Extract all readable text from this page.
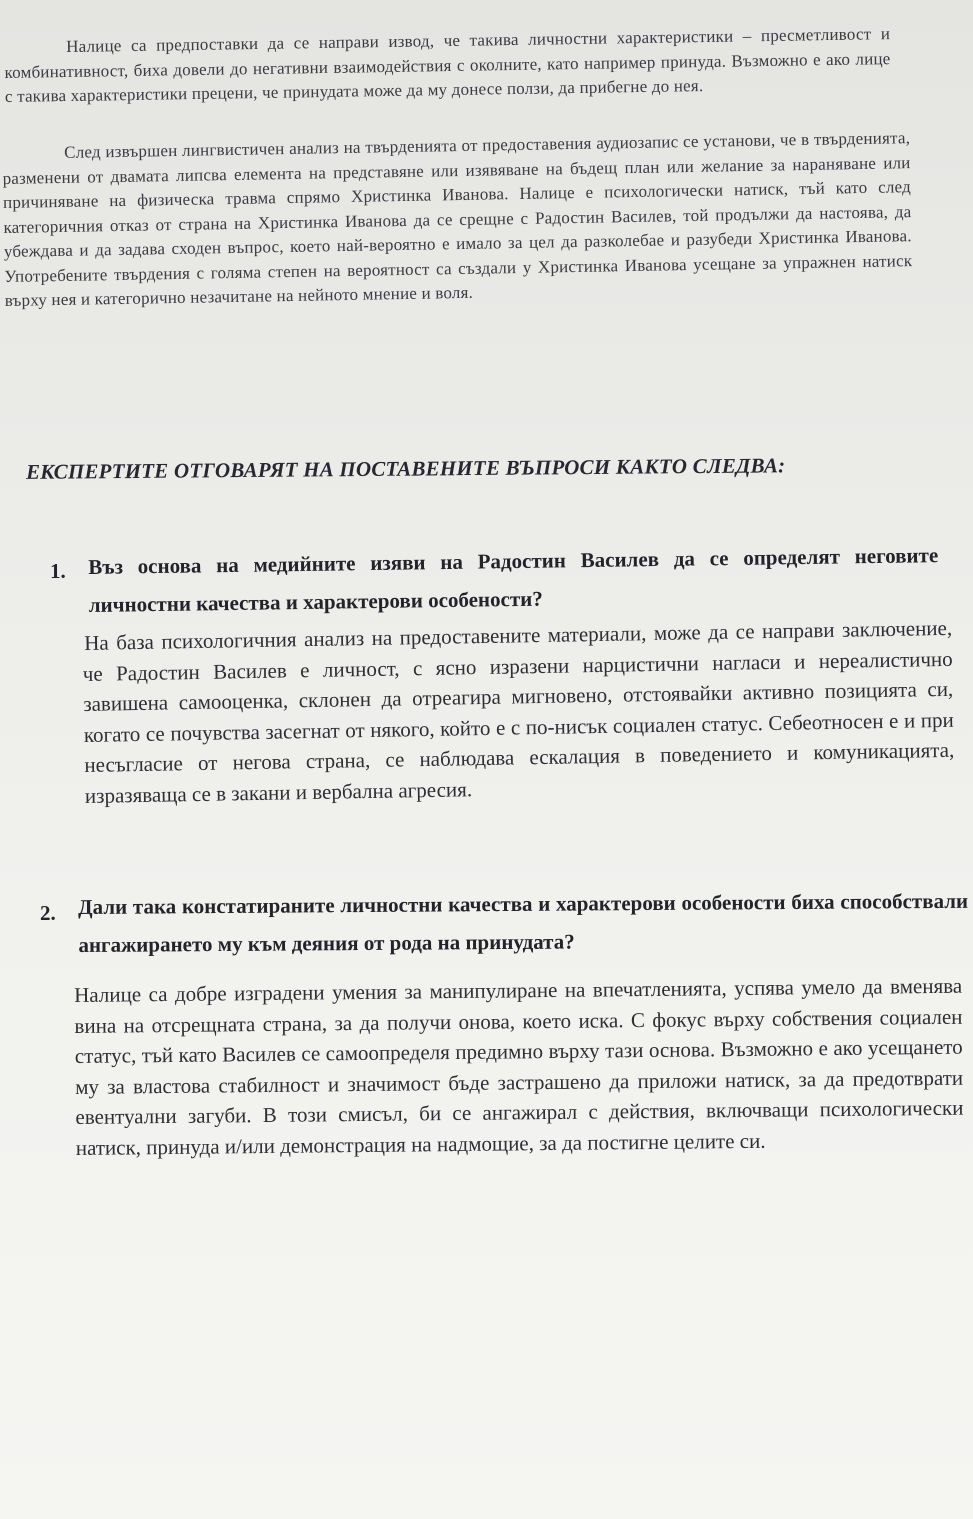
Налице са предпоставки да се направи извод, че такива личностни характеристики – пресметливост и комбинативност, биха довели до негативни взаимодействия с околните, като например принуда. Възможно е ако лице с такива характеристики прецени, че принудата може да му донесе ползи, да прибегне до нея.

След извършен лингвистичен анализ на твърденията от предоставения аудиозапис се установи, че в твърденията, разменени от двамата липсва елемента на представяне или изявяване на бъдещ план или желание за нараняване или причиняване на физическа травма спрямо Христинка Иванова. Налице е психологически натиск, тъй като след категоричния отказ от страна на Христинка Иванова да се срещне с Радостин Василев, той продължи да настоява, да убеждава и да задава сходен въпрос, което най-вероятно е имало за цел да разколебае и разубеди Христинка Иванова. Употребените твърдения с голяма степен на вероятност са създали у Христинка Иванова усещане за упражнен натиск върху нея и категорично незачитане на нейното мнение и воля.

ЕКСПЕРТИТЕ ОТГОВАРЯТ НА ПОСТАВЕНИТЕ ВЪПРОСИ КАКТО СЛЕДВА:
1. Въз основа на медийните изяви на Радостин Василев да се определят неговите личностни качества и характерови особености?

На база психологичния анализ на предоставените материали, може да се направи заключение, че Радостин Василев е личност, с ясно изразени нарцистични нагласи и нереалистично завишена самооценка, склонен да отреагира мигновено, отстоявайки активно позицията си, когато се почувства засегнат от някого, който е с по-нисък социален статус. Себеотносен е и при несъгласие от негова страна, се наблюдава ескалация в поведението и комуникацията, изразяваща се в закани и вербална агресия.

2. Дали така констатираните личностни качества и характерови особености биха способствали ангажирането му към деяния от рода на принудата?

Налице са добре изградени умения за манипулиране на впечатленията, успява умело да вменява вина на отсрещната страна, за да получи онова, което иска. С фокус върху собствения социален статус, тъй като Василев се самоопределя предимно върху тази основа. Възможно е ако усещането му за властова стабилност и значимост бъде застрашено да приложи натиск, за да предотврати евентуални загуби. В този смисъл, би се ангажирал с действия, включващи психологически натиск, принуда и/или демонстрация на надмощие, за да постигне целите си.
